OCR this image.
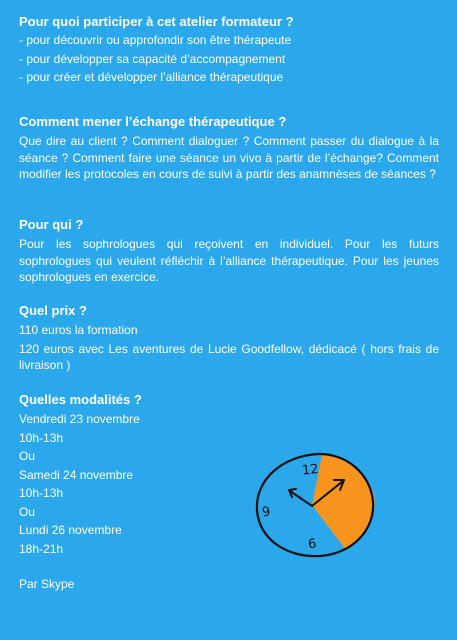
Pour quoi participer à cet atelier formateur ?

- pour découvrir ou approfondir son être thérapeute

- pour développer sa capacité d’accompagnement

- pour créer et développer l’alliance thérapeutique

Comment mener l’échange thérapeutique ?

Que dire au client ? Comment dialoguer ? Comment passer du dialogue à la séance ? Comment faire une séance un vivo à partir de l’échange? Comment modifier les protocoles en cours de suivi à partir des anamnèses de séances ?

Pour qui ?

Pour les sophrologues qui reçoivent en individuel. Pour les futurs sophrologues qui veulent réfléchir à l’alliance thérapeutique. Pour les jeunes sophrologues en exercice.

Quel prix ?

110 euros la formation

120 euros avec Les aventures de Lucie Goodfellow, dédicacé ( hors frais de livraison )

Quelles modalités ?

Vendredi 23 novembre

10h-13h

Ou

Samedi 24 novembre

10h-13h

Ou

Lundi 26 novembre

18h-21h

Par Skype
12
9
6
